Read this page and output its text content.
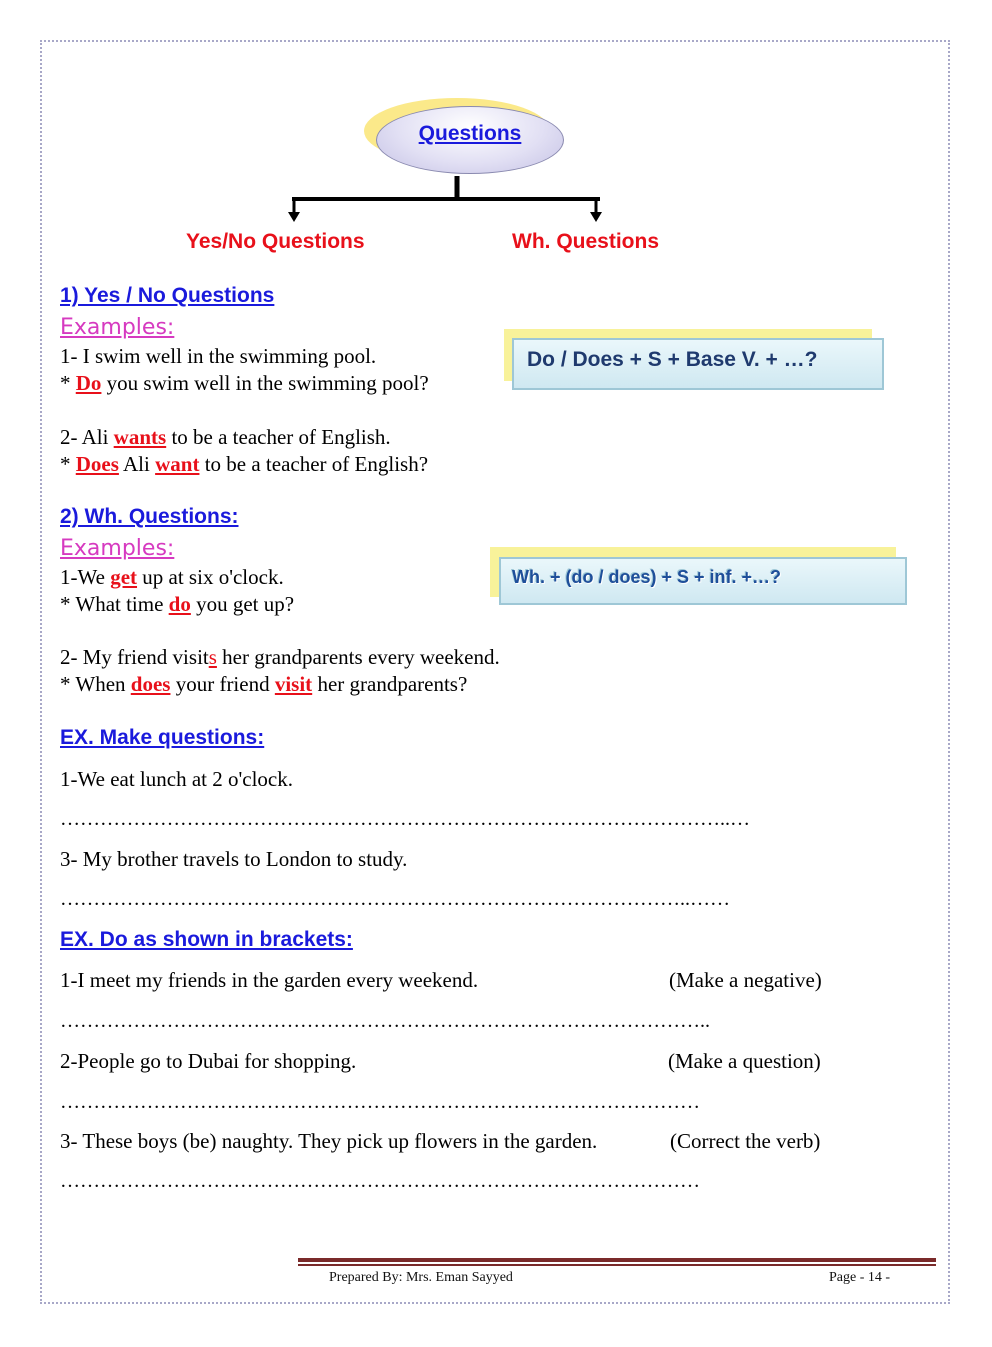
Questions
Yes/No Questions	Wh. Questions
1) Yes / No Questions
Examples:
Do / Does + S + Base V. + …?
1- I swim well in the swimming pool.
* Do you swim well in the swimming pool?
2- Ali wants to be a teacher of English.
* Does Ali want to be a teacher of English?
2) Wh. Questions:
Examples:
Wh. + (do / does) + S + inf. +…?
1-We get up at six o'clock.
* What time do you get up?
2- My friend visits her grandparents every weekend.
* When does your friend visit her grandparents?
EX. Make questions:
1-We eat lunch at 2 o'clock.
………………………………………………………………………………………..…
3- My brother travels to London to study.
…………………………………………………………………………………..……
EX. Do as shown in brackets:
1-I meet my friends in the garden every weekend.	(Make a negative)
……………………………………………………………………………………..
2-People go to Dubai for shopping.	(Make a question)
……………………………………………………………………………………
3- These boys (be) naughty. They pick up flowers in the garden.	(Correct the verb)
……………………………………………………………………………………
Prepared By: Mrs. Eman Sayyed	Page - 14 -
